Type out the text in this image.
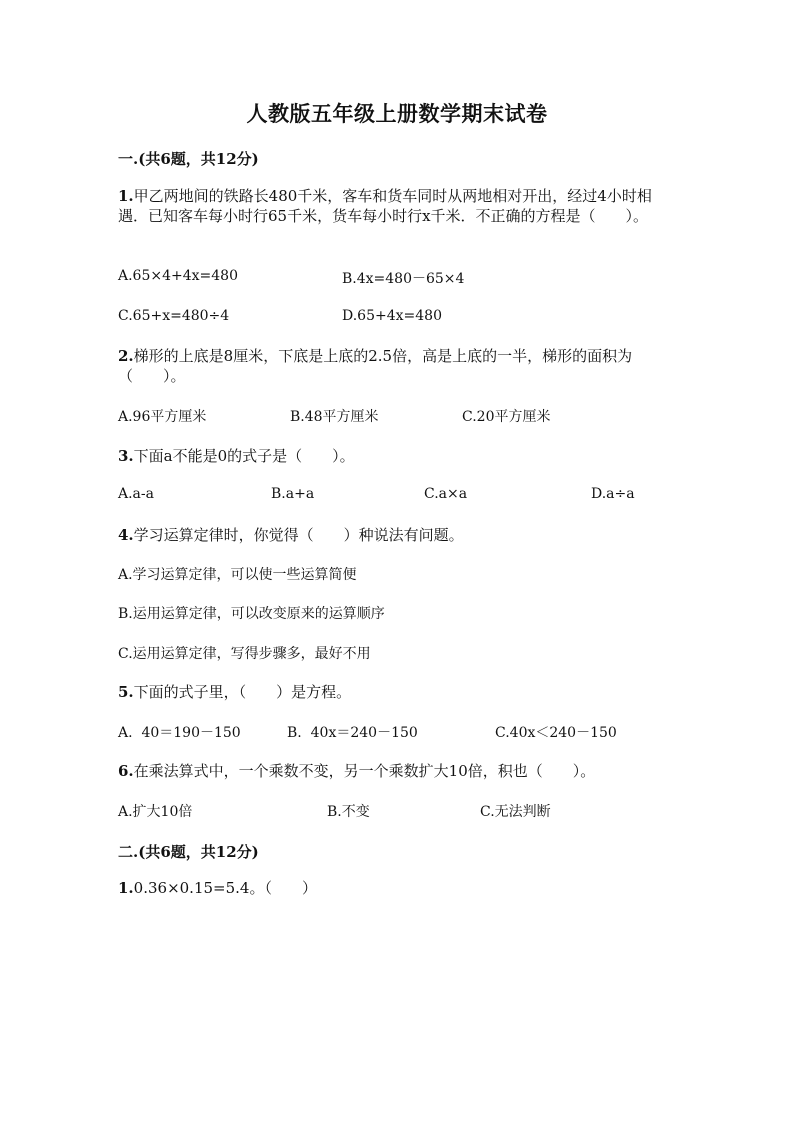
人教版五年级上册数学期末试卷
一.(共6题，共12分)
1.甲乙两地间的铁路长480千米，客车和货车同时从两地相对开出，经过4小时相遇．已知客车每小时行65千米，货车每小时行x千米．不正确的方程是（　　）。
A.65×4+4x=480	B.4x=480－65×4
C.65+x=480÷4	D.65+4x=480
2.梯形的上底是8厘米，下底是上底的2.5倍，高是上底的一半，梯形的面积为（　　）。
A.96平方厘米	B.48平方厘米	C.20平方厘米
3.下面a不能是0的式子是（　　）。
A.a-a	B.a+a	C.a×a	D.a÷a
4.学习运算定律时，你觉得（　　）种说法有问题。
A.学习运算定律，可以使一些运算简便
B.运用运算定律，可以改变原来的运算顺序
C.运用运算定律，写得步骤多，最好不用
5.下面的式子里，（　　）是方程。
A.  40＝190－150	B.  40x＝240－150	C.40x＜240－150
6.在乘法算式中，一个乘数不变，另一个乘数扩大10倍，积也（　　）。
A.扩大10倍	B.不变	C.无法判断
二.(共6题，共12分)
1.0.36×0.15=5.4。（　　）
